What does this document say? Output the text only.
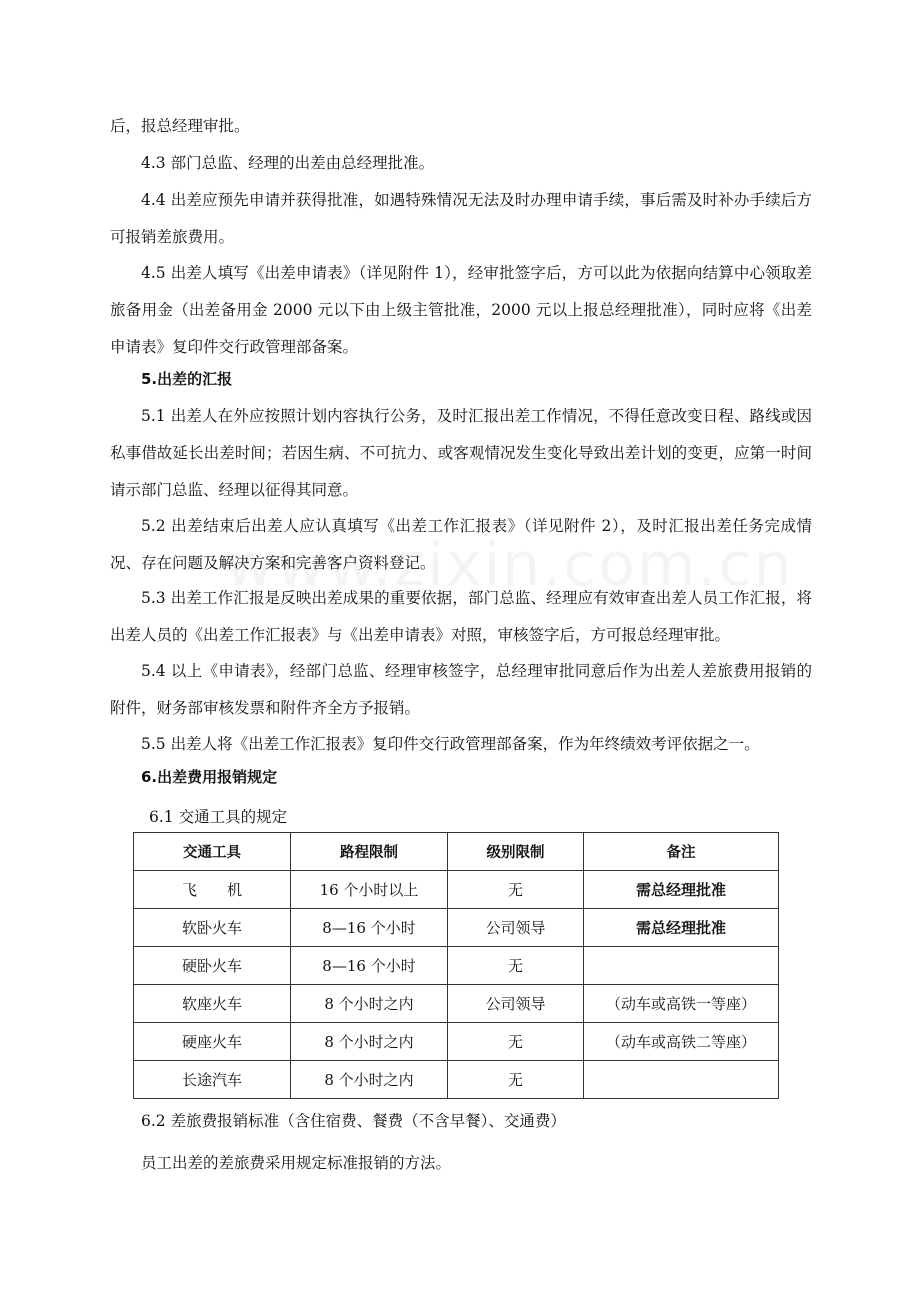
后，报总经理审批。
4.3 部门总监、经理的出差由总经理批准。
4.4 出差应预先申请并获得批准，如遇特殊情况无法及时办理申请手续，事后需及时补办手续后方可报销差旅费用。
4.5 出差人填写《出差申请表》（详见附件 1），经审批签字后，方可以此为依据向结算中心领取差旅备用金（出差备用金 2000 元以下由上级主管批准，2000 元以上报总经理批准），同时应将《出差申请表》复印件交行政管理部备案。
5.出差的汇报
5.1 出差人在外应按照计划内容执行公务，及时汇报出差工作情况，不得任意改变日程、路线或因私事借故延长出差时间；若因生病、不可抗力、或客观情况发生变化导致出差计划的变更，应第一时间请示部门总监、经理以征得其同意。
5.2 出差结束后出差人应认真填写《出差工作汇报表》（详见附件 2），及时汇报出差任务完成情况、存在问题及解决方案和完善客户资料登记。
5.3 出差工作汇报是反映出差成果的重要依据，部门总监、经理应有效审查出差人员工作汇报，将出差人员的《出差工作汇报表》与《出差申请表》对照，审核签字后，方可报总经理审批。
5.4 以上《申请表》，经部门总监、经理审核签字，总经理审批同意后作为出差人差旅费用报销的附件，财务部审核发票和附件齐全方予报销。
5.5 出差人将《出差工作汇报表》复印件交行政管理部备案，作为年终绩效考评依据之一。
6.出差费用报销规定
6.1 交通工具的规定
交通工具	路程限制	级别限制	备注
飞　　机	16 个小时以上	无	需总经理批准
软卧火车	8—16 个小时	公司领导	需总经理批准
硬卧火车	8—16 个小时	无	
软座火车	8 个小时之内	公司领导	（动车或高铁一等座）
硬座火车	8 个小时之内	无	（动车或高铁二等座）
长途汽车	8 个小时之内	无	
6.2 差旅费报销标准（含住宿费、餐费（不含早餐）、交通费）
员工出差的差旅费采用规定标准报销的方法。
